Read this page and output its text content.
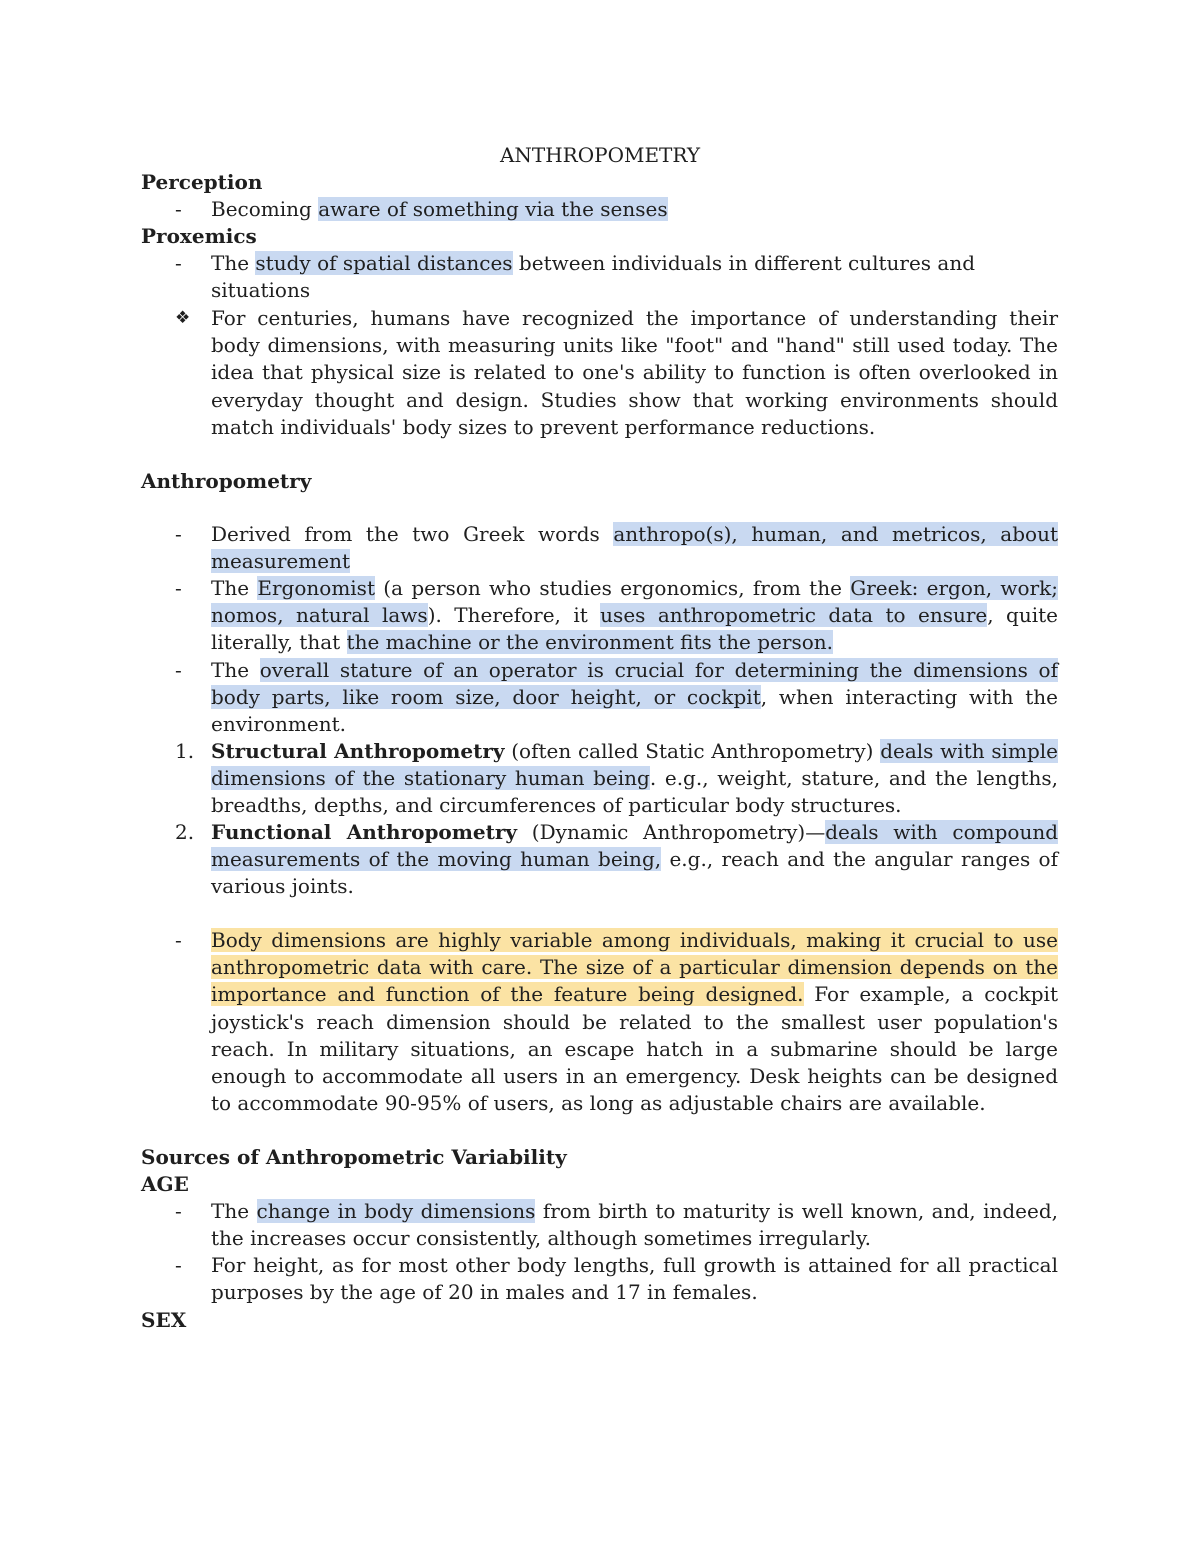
ANTHROPOMETRY
Perception
- Becoming aware of something via the senses
Proxemics
- The study of spatial distances between individuals in different cultures and situations
❖ For centuries, humans have recognized the importance of understanding their body dimensions, with measuring units like "foot" and "hand" still used today. The idea that physical size is related to one's ability to function is often overlooked in everyday thought and design. Studies show that working environments should match individuals' body sizes to prevent performance reductions.
Anthropometry
- Derived from the two Greek words anthropo(s), human, and metricos, about measurement
- The Ergonomist (a person who studies ergonomics, from the Greek: ergon, work; nomos, natural laws). Therefore, it uses anthropometric data to ensure, quite literally, that the machine or the environment fits the person.
- The overall stature of an operator is crucial for determining the dimensions of body parts, like room size, door height, or cockpit, when interacting with the environment.
1. Structural Anthropometry (often called Static Anthropometry) deals with simple dimensions of the stationary human being. e.g., weight, stature, and the lengths, breadths, depths, and circumferences of particular body structures.
2. Functional Anthropometry (Dynamic Anthropometry)—deals with compound measurements of the moving human being, e.g., reach and the angular ranges of various joints.
- Body dimensions are highly variable among individuals, making it crucial to use anthropometric data with care. The size of a particular dimension depends on the importance and function of the feature being designed. For example, a cockpit joystick's reach dimension should be related to the smallest user population's reach. In military situations, an escape hatch in a submarine should be large enough to accommodate all users in an emergency. Desk heights can be designed to accommodate 90-95% of users, as long as adjustable chairs are available.
Sources of Anthropometric Variability
AGE
- The change in body dimensions from birth to maturity is well known, and, indeed, the increases occur consistently, although sometimes irregularly.
- For height, as for most other body lengths, full growth is attained for all practical purposes by the age of 20 in males and 17 in females.
SEX
